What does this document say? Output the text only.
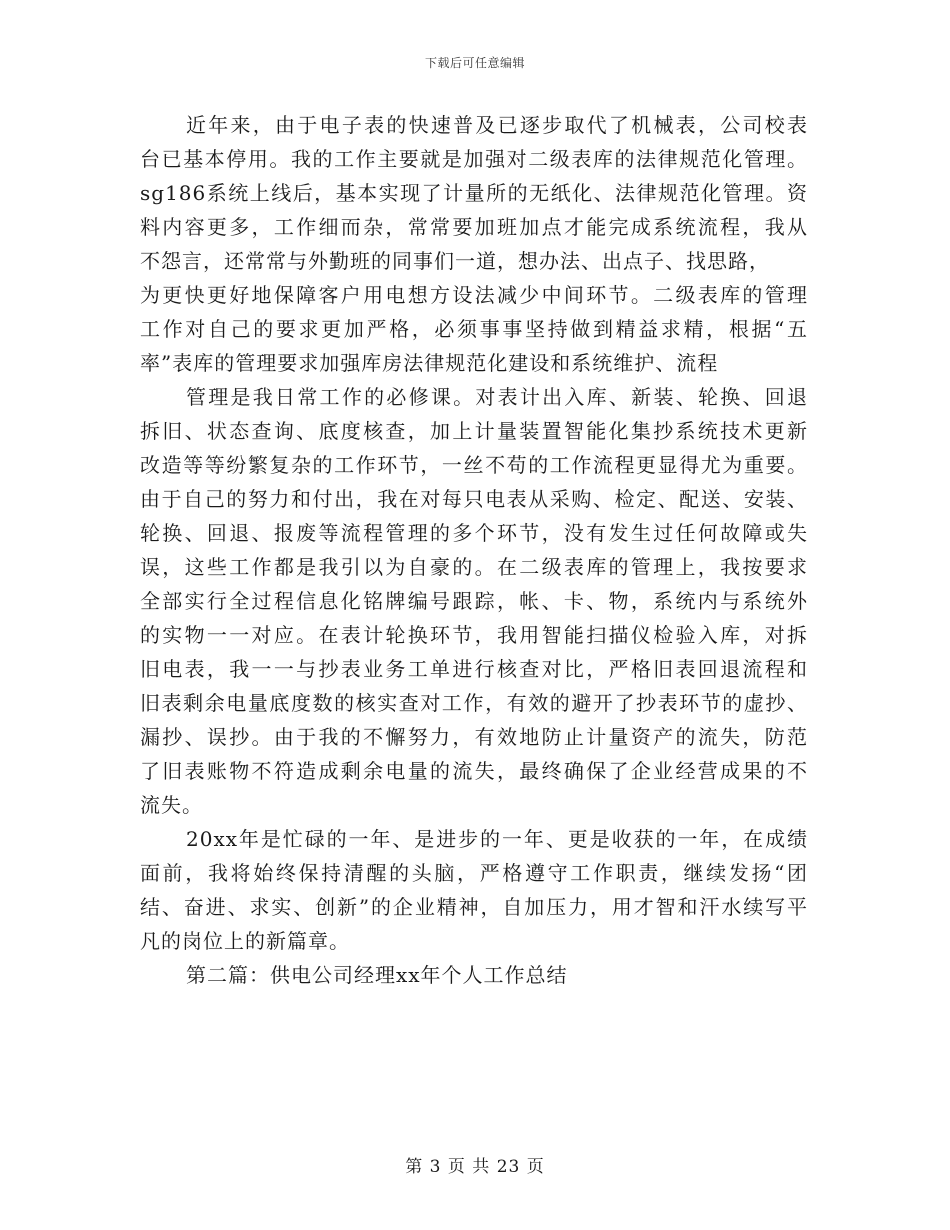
下载后可任意编辑
近年来，由于电子表的快速普及已逐步取代了机械表，公司校表
台已基本停用。我的工作主要就是加强对二级表库的法律规范化管理。
sg186系统上线后，基本实现了计量所的无纸化、法律规范化管理。资
料内容更多，工作细而杂，常常要加班加点才能完成系统流程，我从
不怨言，还常常与外勤班的同事们一道，想办法、出点子、找思路，
为更快更好地保障客户用电想方设法减少中间环节。二级表库的管理
工作对自己的要求更加严格，必须事事坚持做到精益求精，根据“五
率”表库的管理要求加强库房法律规范化建设和系统维护、流程
管理是我日常工作的必修课。对表计出入库、新装、轮换、回退
拆旧、状态查询、底度核查，加上计量装置智能化集抄系统技术更新
改造等等纷繁复杂的工作环节，一丝不苟的工作流程更显得尤为重要。
由于自己的努力和付出，我在对每只电表从采购、检定、配送、安装、
轮换、回退、报废等流程管理的多个环节，没有发生过任何故障或失
误，这些工作都是我引以为自豪的。在二级表库的管理上，我按要求
全部实行全过程信息化铭牌编号跟踪，帐、卡、物，系统内与系统外
的实物一一对应。在表计轮换环节，我用智能扫描仪检验入库，对拆
旧电表，我一一与抄表业务工单进行核查对比，严格旧表回退流程和
旧表剩余电量底度数的核实查对工作，有效的避开了抄表环节的虚抄、
漏抄、误抄。由于我的不懈努力，有效地防止计量资产的流失，防范
了旧表账物不符造成剩余电量的流失，最终确保了企业经营成果的不
流失。
20xx年是忙碌的一年、是进步的一年、更是收获的一年，在成绩
面前，我将始终保持清醒的头脑，严格遵守工作职责，继续发扬“团
结、奋进、求实、创新”的企业精神，自加压力，用才智和汗水续写平
凡的岗位上的新篇章。
第二篇：供电公司经理xx年个人工作总结
第 3 页 共 23 页
